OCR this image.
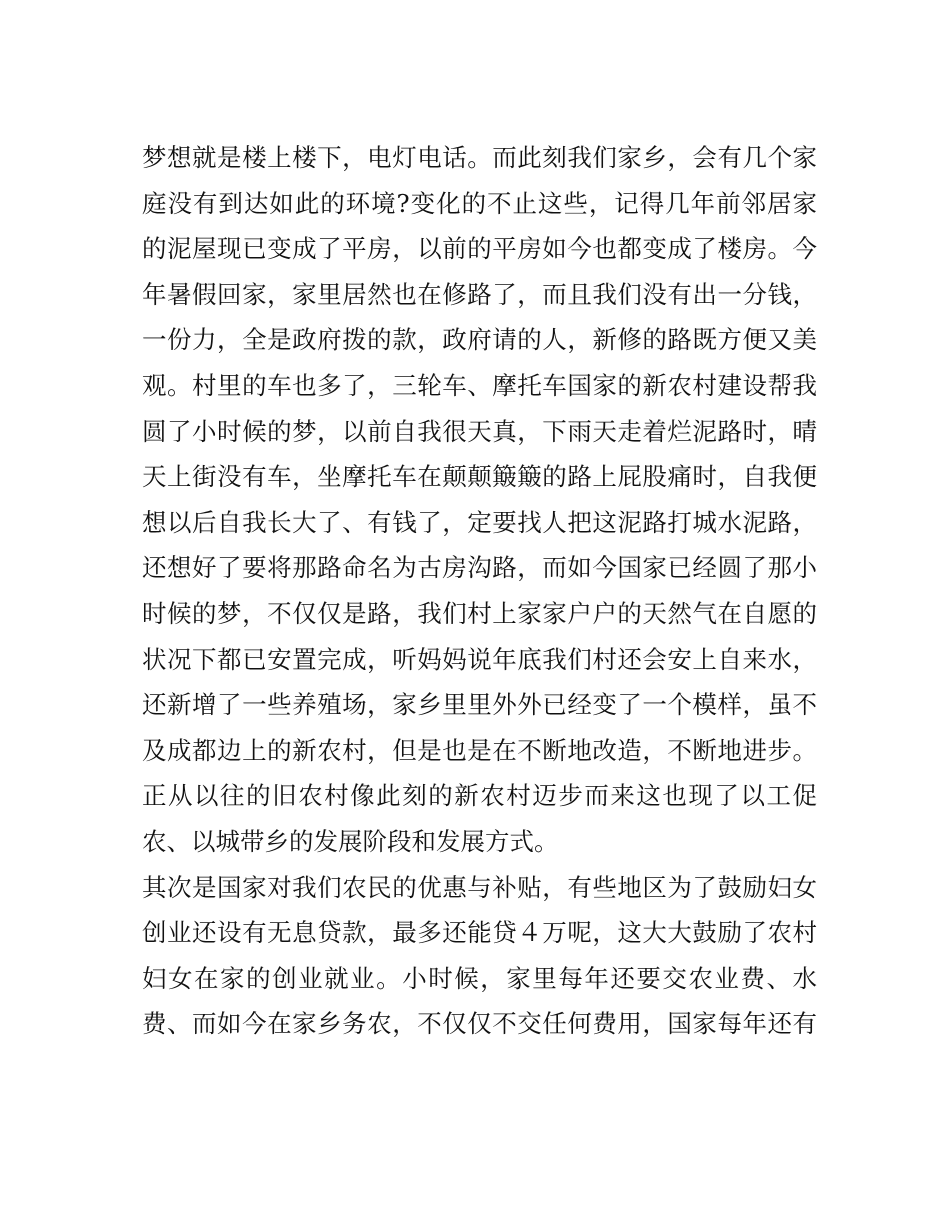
梦想就是楼上楼下，电灯电话。而此刻我们家乡，会有几个家
庭没有到达如此的环境?变化的不止这些，记得几年前邻居家
的泥屋现已变成了平房，以前的平房如今也都变成了楼房。今
年暑假回家，家里居然也在修路了，而且我们没有出一分钱，
一份力，全是政府拨的款，政府请的人，新修的路既方便又美
观。村里的车也多了，三轮车、摩托车国家的新农村建设帮我
圆了小时候的梦，以前自我很天真，下雨天走着烂泥路时，晴
天上街没有车，坐摩托车在颠颠簸簸的路上屁股痛时，自我便
想以后自我长大了、有钱了，定要找人把这泥路打城水泥路，
还想好了要将那路命名为古房沟路，而如今国家已经圆了那小
时候的梦，不仅仅是路，我们村上家家户户的天然气在自愿的
状况下都已安置完成，听妈妈说年底我们村还会安上自来水，
还新增了一些养殖场，家乡里里外外已经变了一个模样，虽不
及成都边上的新农村，但是也是在不断地改造，不断地进步。
正从以往的旧农村像此刻的新农村迈步而来这也现了以工促
农、以城带乡的发展阶段和发展方式。
其次是国家对我们农民的优惠与补贴，有些地区为了鼓励妇女
创业还设有无息贷款，最多还能贷４万呢，这大大鼓励了农村
妇女在家的创业就业。小时候，家里每年还要交农业费、水
费、而如今在家乡务农，不仅仅不交任何费用，国家每年还有
